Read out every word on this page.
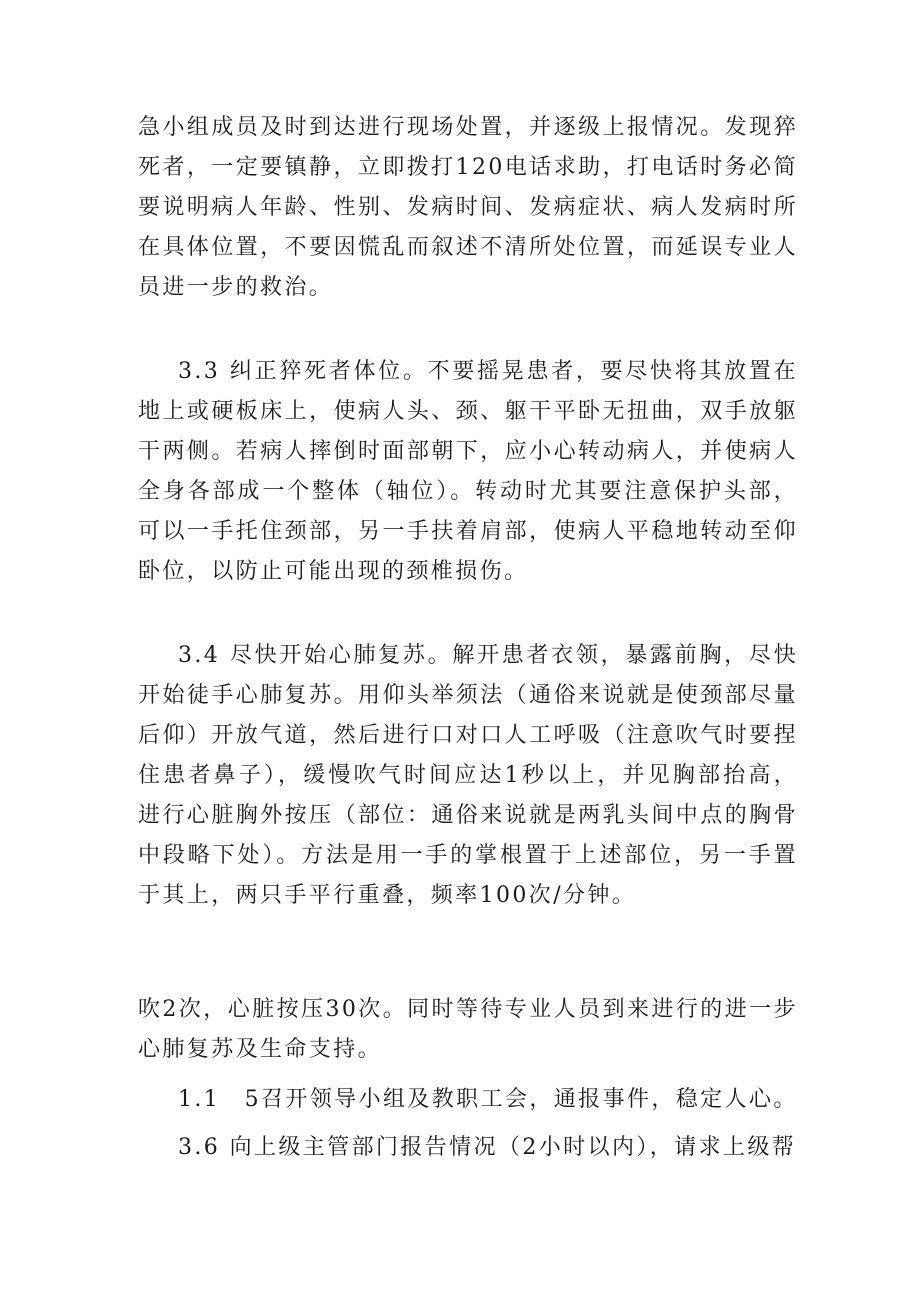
急小组成员及时到达进行现场处置，并逐级上报情况。发现猝死者，一定要镇静，立即拨打120电话求助，打电话时务必简要说明病人年龄、性别、发病时间、发病症状、病人发病时所在具体位置，不要因慌乱而叙述不清所处位置，而延误专业人员进一步的救治。

3.3 纠正猝死者体位。不要摇晃患者，要尽快将其放置在地上或硬板床上，使病人头、颈、躯干平卧无扭曲，双手放躯干两侧。若病人摔倒时面部朝下，应小心转动病人，并使病人全身各部成一个整体（轴位）。转动时尤其要注意保护头部，可以一手托住颈部，另一手扶着肩部，使病人平稳地转动至仰卧位，以防止可能出现的颈椎损伤。

3.4 尽快开始心肺复苏。解开患者衣领，暴露前胸，尽快开始徒手心肺复苏。用仰头举须法（通俗来说就是使颈部尽量后仰）开放气道，然后进行口对口人工呼吸（注意吹气时要捏住患者鼻子），缓慢吹气时间应达1秒以上，并见胸部抬高，进行心脏胸外按压（部位：通俗来说就是两乳头间中点的胸骨中段略下处）。方法是用一手的掌根置于上述部位，另一手置于其上，两只手平行重叠，频率100次/分钟。

吹2次，心脏按压30次。同时等待专业人员到来进行的进一步心肺复苏及生命支持。

1.1　5召开领导小组及教职工会，通报事件，稳定人心。

3.6 向上级主管部门报告情况（2小时以内），请求上级帮
